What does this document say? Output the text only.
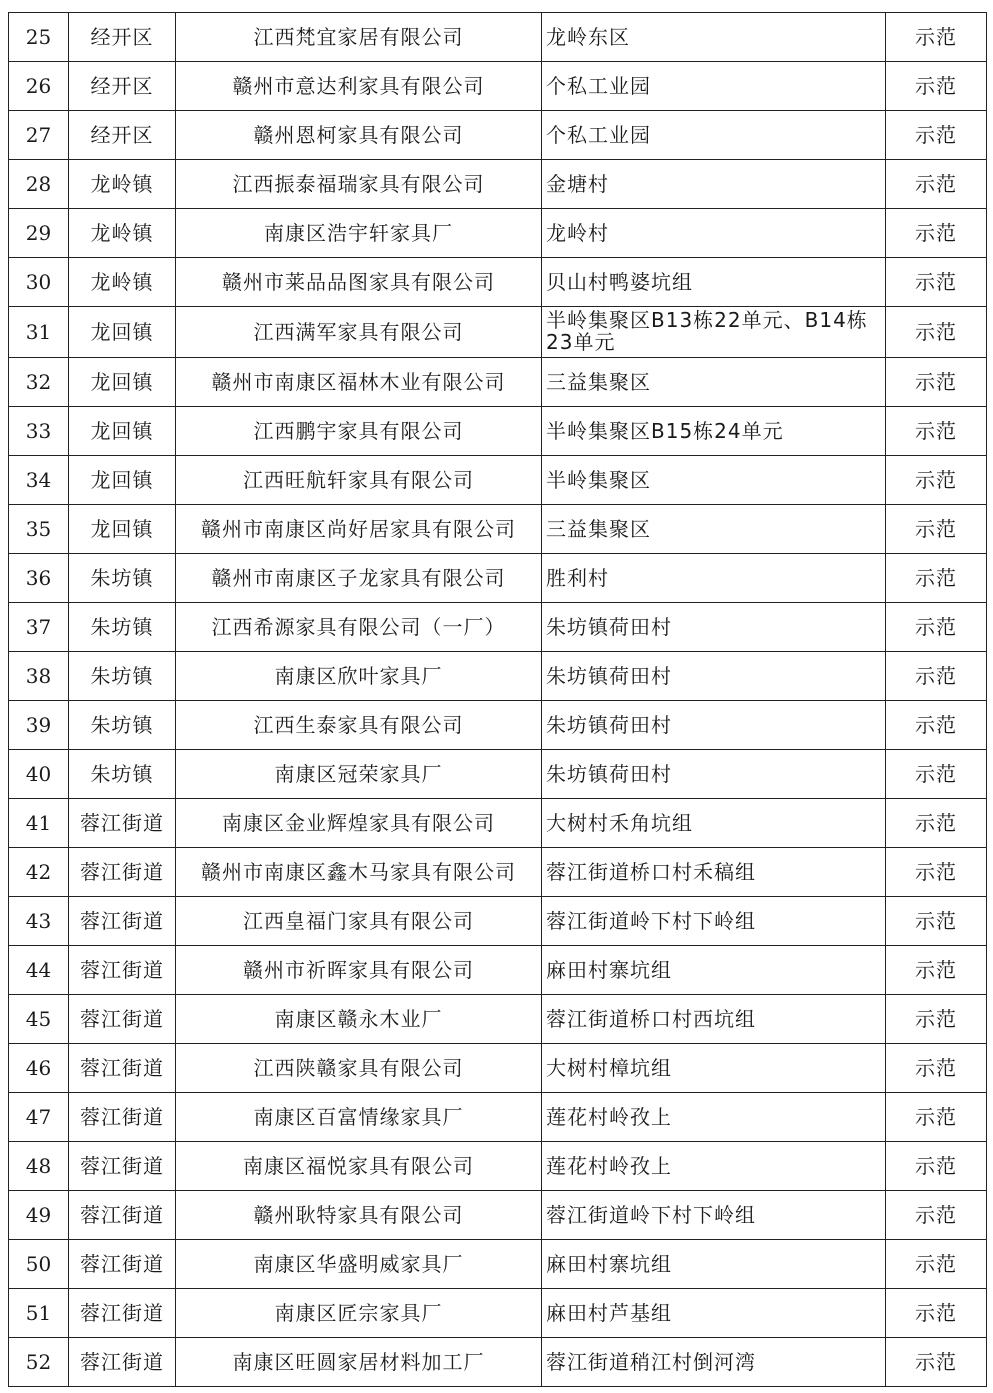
25	经开区	江西梵宜家居有限公司	龙岭东区	示范
26	经开区	赣州市意达利家具有限公司	个私工业园	示范
27	经开区	赣州恩柯家具有限公司	个私工业园	示范
28	龙岭镇	江西振泰福瑞家具有限公司	金塘村	示范
29	龙岭镇	南康区浩宇轩家具厂	龙岭村	示范
30	龙岭镇	赣州市莱品品图家具有限公司	贝山村鸭婆坑组	示范
31	龙回镇	江西满军家具有限公司	半岭集聚区B13栋22单元、B14栋23单元	示范
32	龙回镇	赣州市南康区福林木业有限公司	三益集聚区	示范
33	龙回镇	江西鹏宇家具有限公司	半岭集聚区B15栋24单元	示范
34	龙回镇	江西旺航轩家具有限公司	半岭集聚区	示范
35	龙回镇	赣州市南康区尚好居家具有限公司	三益集聚区	示范
36	朱坊镇	赣州市南康区子龙家具有限公司	胜利村	示范
37	朱坊镇	江西希源家具有限公司（一厂）	朱坊镇荷田村	示范
38	朱坊镇	南康区欣叶家具厂	朱坊镇荷田村	示范
39	朱坊镇	江西生泰家具有限公司	朱坊镇荷田村	示范
40	朱坊镇	南康区冠荣家具厂	朱坊镇荷田村	示范
41	蓉江街道	南康区金业辉煌家具有限公司	大树村禾角坑组	示范
42	蓉江街道	赣州市南康区鑫木马家具有限公司	蓉江街道桥口村禾稿组	示范
43	蓉江街道	江西皇福门家具有限公司	蓉江街道岭下村下岭组	示范
44	蓉江街道	赣州市祈晖家具有限公司	麻田村寨坑组	示范
45	蓉江街道	南康区赣永木业厂	蓉江街道桥口村西坑组	示范
46	蓉江街道	江西陕赣家具有限公司	大树村樟坑组	示范
47	蓉江街道	南康区百富情缘家具厂	莲花村岭孜上	示范
48	蓉江街道	南康区福悦家具有限公司	莲花村岭孜上	示范
49	蓉江街道	赣州耿特家具有限公司	蓉江街道岭下村下岭组	示范
50	蓉江街道	南康区华盛明威家具厂	麻田村寨坑组	示范
51	蓉江街道	南康区匠宗家具厂	麻田村芦基组	示范
52	蓉江街道	南康区旺圆家居材料加工厂	蓉江街道稍江村倒河湾	示范
